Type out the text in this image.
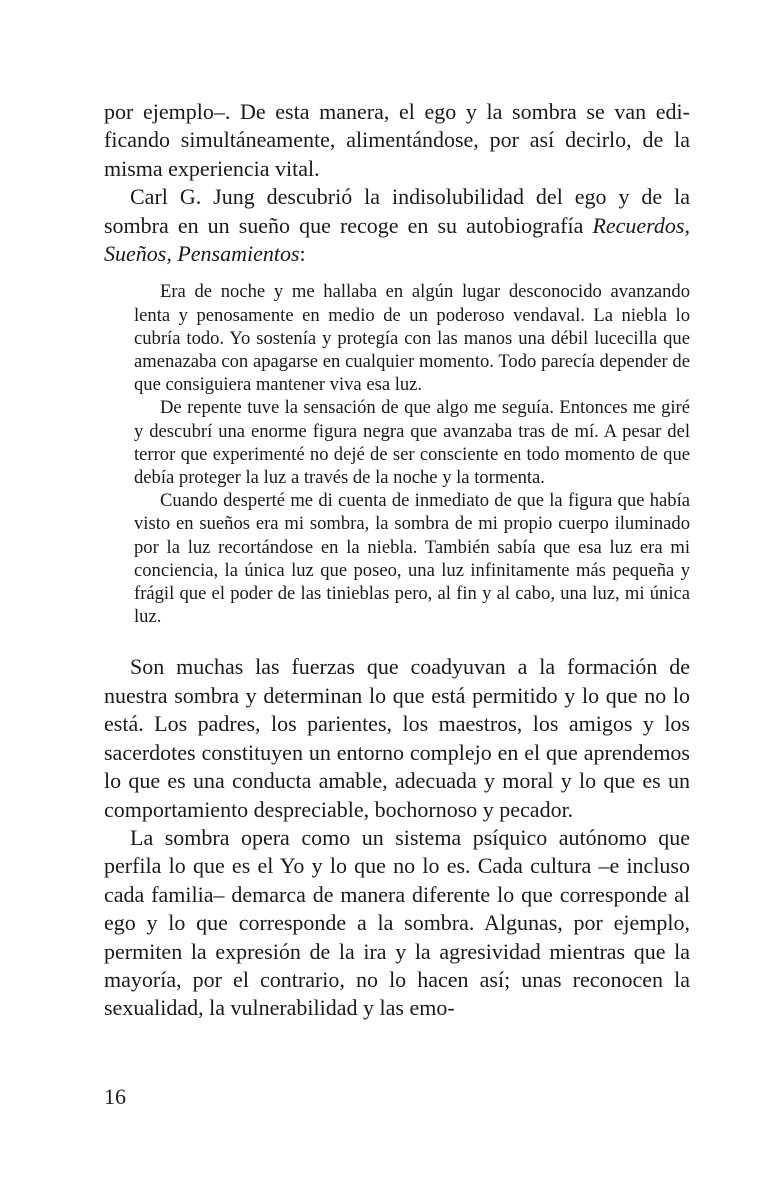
por ejemplo–. De esta manera, el ego y la sombra se van edificando simultáneamente, alimentándose, por así decirlo, de la misma experiencia vital.

Carl G. Jung descubrió la indisolubilidad del ego y de la sombra en un sueño que recoge en su autobiografía Recuerdos, Sueños, Pensamientos:

Era de noche y me hallaba en algún lugar desconocido avanzando lenta y penosamente en medio de un poderoso vendaval. La niebla lo cubría todo. Yo sostenía y protegía con las manos una débil lucecilla que amenazaba con apagarse en cualquier momento. Todo parecía depender de que consiguiera mantener viva esa luz.

De repente tuve la sensación de que algo me seguía. Entonces me giré y descubrí una enorme figura negra que avanzaba tras de mí. A pesar del terror que experimenté no dejé de ser consciente en todo momento de que debía proteger la luz a través de la noche y la tormenta.

Cuando desperté me di cuenta de inmediato de que la figura que había visto en sueños era mi sombra, la sombra de mi propio cuerpo iluminado por la luz recortándose en la niebla. También sabía que esa luz era mi conciencia, la única luz que poseo, una luz infinitamente más pequeña y frágil que el poder de las tinieblas pero, al fin y al cabo, una luz, mi única luz.

Son muchas las fuerzas que coadyuvan a la formación de nuestra sombra y determinan lo que está permitido y lo que no lo está. Los padres, los parientes, los maestros, los amigos y los sacerdotes constituyen un entorno complejo en el que aprendemos lo que es una conducta amable, adecuada y moral y lo que es un comportamiento despreciable, bochornoso y pecador.

La sombra opera como un sistema psíquico autónomo que perfila lo que es el Yo y lo que no lo es. Cada cultura –e incluso cada familia– demarca de manera diferente lo que corresponde al ego y lo que corresponde a la sombra. Algunas, por ejemplo, permiten la expresión de la ira y la agresividad mientras que la mayoría, por el contrario, no lo hacen así; unas reconocen la sexualidad, la vulnerabilidad y las emo-

16
